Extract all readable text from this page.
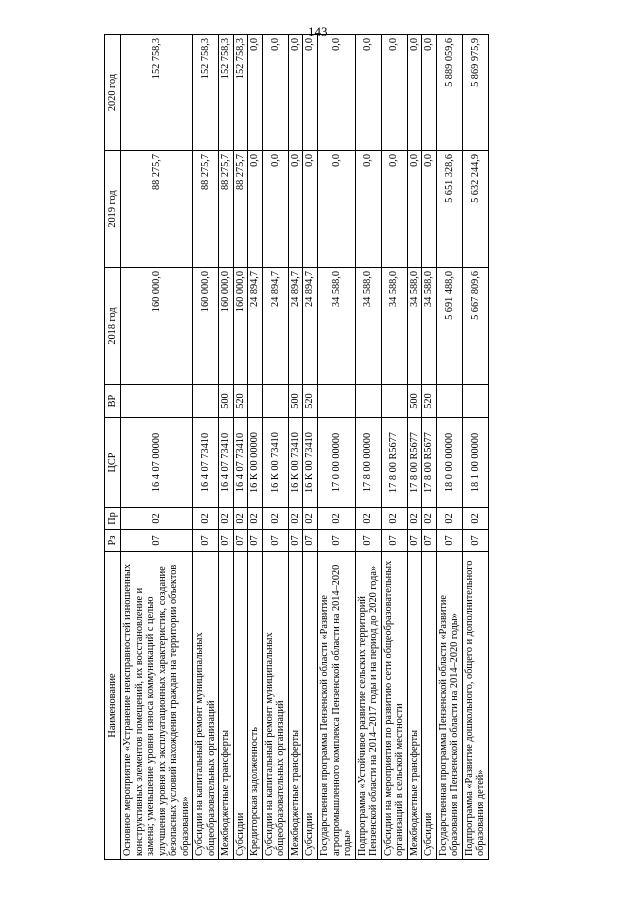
143
Наименование	Рз	Пр	ЦСР	ВР	2018 год	2019 год	2020 год
Основное мероприятие «Устранение неисправностей изношенных конструктивных элементов помещений, их восстановление и замена; уменьшение уровня износа коммуникаций с целью улучшения уровня их эксплуатационных характеристик, создание безопасных условий нахождения граждан на территории объектов образования»	07	02	16 4 07 00000		160 000,0	88 275,7	152 758,3
Субсидии на капитальный ремонт муниципальных общеобразовательных организаций	07	02	16 4 07 73410		160 000,0	88 275,7	152 758,3
Межбюджетные трансферты	07	02	16 4 07 73410	500	160 000,0	88 275,7	152 758,3
Субсидии	07	02	16 4 07 73410	520	160 000,0	88 275,7	152 758,3
Кредиторская задолженность	07	02	16 К 00 00000		24 894,7	0,0	0,0
Субсидии на капитальный ремонт муниципальных общеобразовательных организаций	07	02	16 К 00 73410		24 894,7	0,0	0,0
Межбюджетные трансферты	07	02	16 К 00 73410	500	24 894,7	0,0	0,0
Субсидии	07	02	16 К 00 73410	520	24 894,7	0,0	0,0
Государственная программа Пензенской области «Развитие агропромышленного комплекса Пензенской области на 2014–2020 годы»	07	02	17 0 00 00000		34 588,0	0,0	0,0
Подпрограмма «Устойчивое развитие сельских территорий Пензенской области на 2014–2017 годы и на период до 2020 года»	07	02	17 8 00 00000		34 588,0	0,0	0,0
Субсидии на мероприятия по развитию сети общеобразовательных организаций в сельской местности	07	02	17 8 00 R5677		34 588,0	0,0	0,0
Межбюджетные трансферты	07	02	17 8 00 R5677	500	34 588,0	0,0	0,0
Субсидии	07	02	17 8 00 R5677	520	34 588,0	0,0	0,0
Государственная программа Пензенской области «Развитие образования в Пензенской области на 2014–2020 годы»	07	02	18 0 00 00000		5 691 488,0	5 651 328,6	5 889 059,6
Подпрограмма «Развитие дошкольного, общего и дополнительного образования детей»	07	02	18 1 00 00000		5 667 809,6	5 632 244,9	5 869 975,9
